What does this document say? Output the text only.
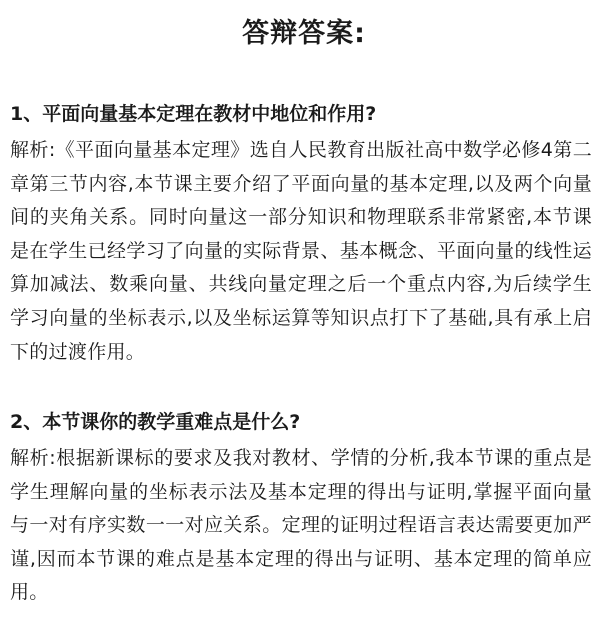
答辩答案:

1、平面向量基本定理在教材中地位和作用?

解析:《平面向量基本定理》选自人民教育出版社高中数学必修4第二章第三节内容,本节课主要介绍了平面向量的基本定理,以及两个向量间的夹角关系。同时向量这一部分知识和物理联系非常紧密,本节课是在学生已经学习了向量的实际背景、基本概念、平面向量的线性运算加减法、数乘向量、共线向量定理之后一个重点内容,为后续学生学习向量的坐标表示,以及坐标运算等知识点打下了基础,具有承上启下的过渡作用。

2、本节课你的教学重难点是什么?

解析:根据新课标的要求及我对教材、学情的分析,我本节课的重点是学生理解向量的坐标表示法及基本定理的得出与证明,掌握平面向量与一对有序实数一一对应关系。定理的证明过程语言表达需要更加严谨,因而本节课的难点是基本定理的得出与证明、基本定理的简单应用。
